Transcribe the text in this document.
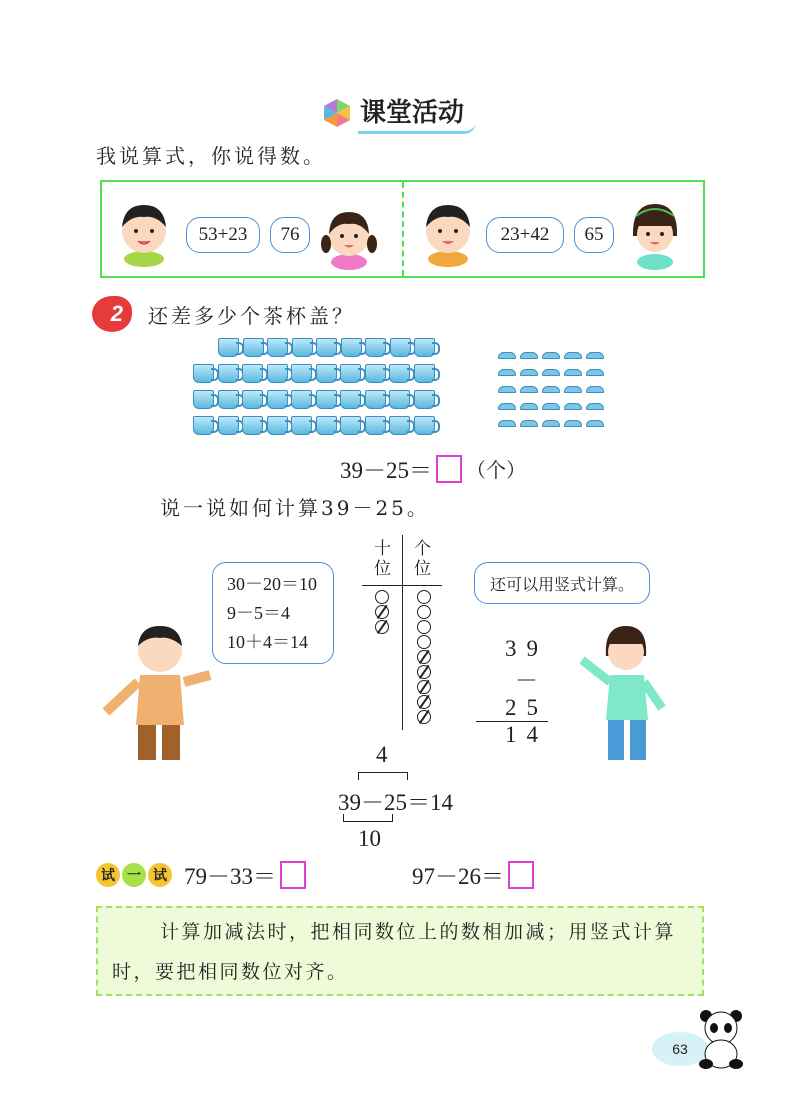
课堂活动
我说算式，你说得数。
53+23	76	23+42	65
2	还差多少个茶杯盖？
39－25＝ （个）
说一说如何计算39－25。
30－20＝10
9－5＝4
10＋4＝14
十位
个位
还可以用竖式计算。
39
－25
14
4
39－25＝14
10
试 一 试 79－33＝	97－26＝
计算加减法时，把相同数位上的数相加减；用竖式计算时，要把相同数位对齐。
63
